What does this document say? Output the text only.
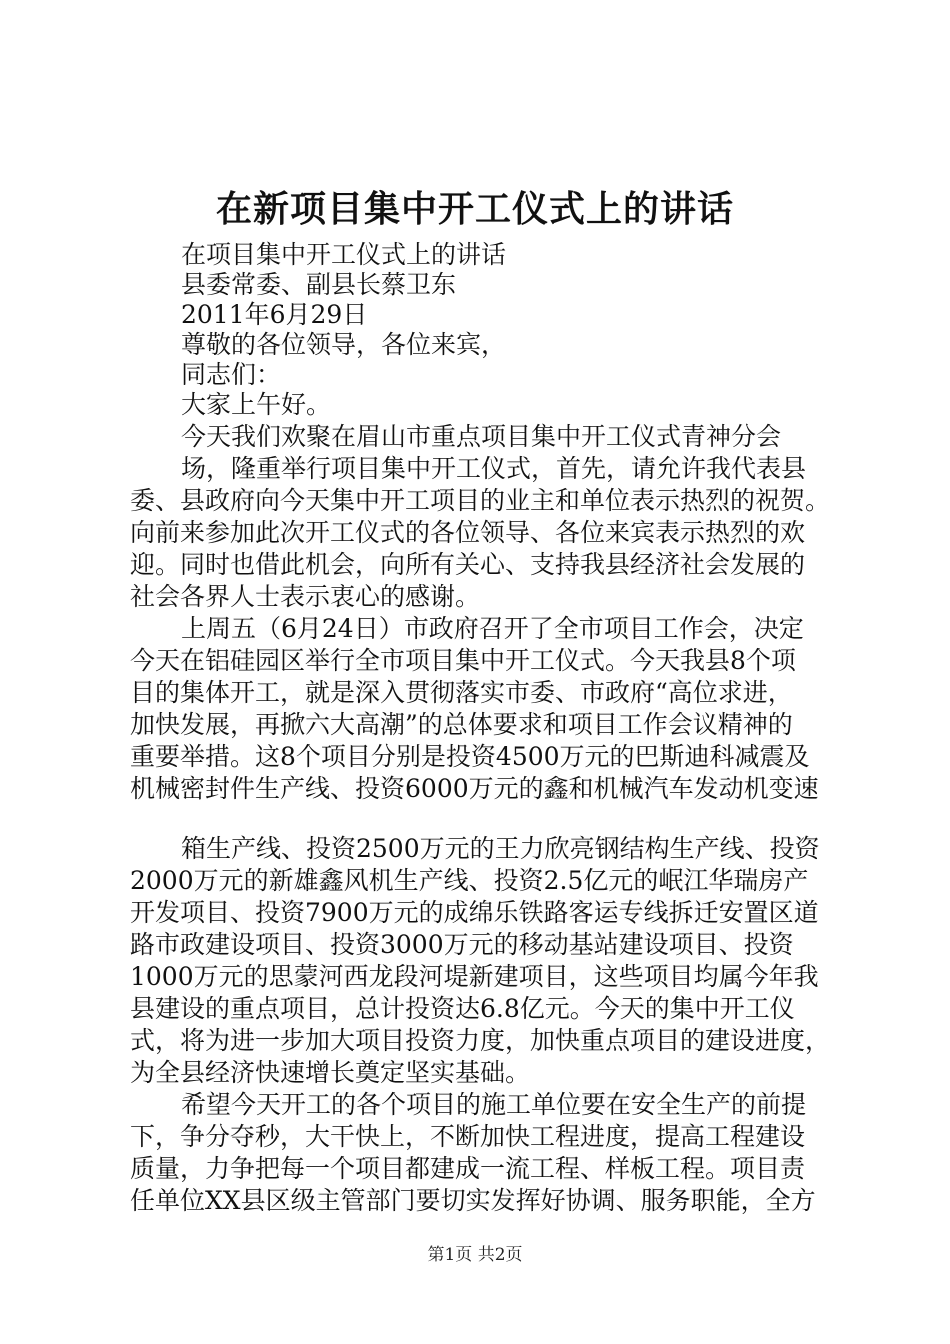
在新项目集中开工仪式上的讲话
在项目集中开工仪式上的讲话
县委常委、副县长蔡卫东
2011年6月29日
尊敬的各位领导，各位来宾，
同志们：
大家上午好。
今天我们欢聚在眉山市重点项目集中开工仪式青神分会
场，隆重举行项目集中开工仪式，首先，请允许我代表县
委、县政府向今天集中开工项目的业主和单位表示热烈的祝贺。
向前来参加此次开工仪式的各位领导、各位来宾表示热烈的欢
迎。同时也借此机会，向所有关心、支持我县经济社会发展的
社会各界人士表示衷心的感谢。
上周五（6月24日）市政府召开了全市项目工作会，决定
今天在铝硅园区举行全市项目集中开工仪式。今天我县8个项
目的集体开工，就是深入贯彻落实市委、市政府“高位求进，
加快发展，再掀六大高潮”的总体要求和项目工作会议精神的
重要举措。这8个项目分别是投资4500万元的巴斯迪科减震及
机械密封件生产线、投资6000万元的鑫和机械汽车发动机变速
箱生产线、投资2500万元的王力欣亮钢结构生产线、投资
2000万元的新雄鑫风机生产线、投资2.5亿元的岷江华瑞房产
开发项目、投资7900万元的成绵乐铁路客运专线拆迁安置区道
路市政建设项目、投资3000万元的移动基站建设项目、投资
1000万元的思蒙河西龙段河堤新建项目，这些项目均属今年我
县建设的重点项目，总计投资达6.8亿元。今天的集中开工仪
式，将为进一步加大项目投资力度，加快重点项目的建设进度，
为全县经济快速增长奠定坚实基础。
希望今天开工的各个项目的施工单位要在安全生产的前提
下，争分夺秒，大干快上，不断加快工程进度，提高工程建设
质量，力争把每一个项目都建成一流工程、样板工程。项目责
任单位XX县区级主管部门要切实发挥好协调、服务职能，全方
第1页 共2页
